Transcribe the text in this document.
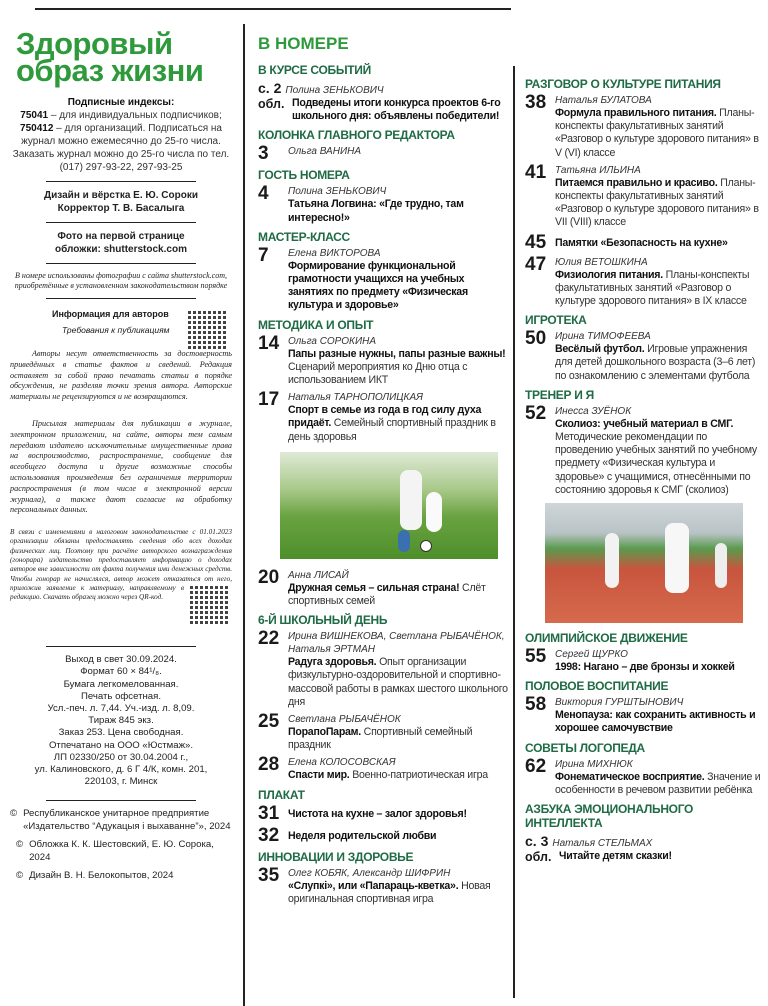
Здоровый
образ жизни
Подписные индексы:
75041 – для индивидуальных подписчиков; 750412 – для организаций. Подписаться на журнал можно ежемесячно до 25-го числа. Заказать журнал можно до 25-го числа по тел. (017) 297-93-22, 297-93-25
Дизайн и вёрстка Е. Ю. Сороки
Корректор Т. В. Басалыга
Фото на первой странице
обложки: shutterstock.com
В номере использованы фотографии с сайта shutterstock.com, приобретённые в установленном законодательством порядке
Информация для авторов
Требования к публикациям
Авторы несут ответственность за достоверность приведённых в статье фактов и сведений. Редакция оставляет за собой право печатать статьи в порядке обсуждения, не разделяя точки зрения автора. Авторские материалы не рецензируются и не возвращаются.
Присылая материалы для публикации в журнале, электронном приложении, на сайте, авторы тем самым передают издателю исключительные имущественные права на воспроизводство, распространение, сообщение для всеобщего доступа и другие возможные способы использования произведения без ограничения территории распространения (в том числе в электронной версии журнала), а также дают согласие на обработку персональных данных.
В связи с изменениями в налоговом законодательстве с 01.01.2023 организации обязаны предоставлять сведения обо всех доходах физических лиц. Поэтому при расчёте авторского вознаграждения (гонорара) издательство предоставляет информацию о доходах авторов вне зависимости от факта получения ими денежных средств. Чтобы гонорар не начислялся, автор может отказаться от него, приложив заявление к материалу, направляемому в редакцию. Скачать образец можно через QR-код.
Выход в свет 30.09.2024.
Формат 60 × 84¹/₈.
Бумага легкомелованная.
Печать офсетная.
Усл.-печ. л. 7,44. Уч.-изд. л. 8,09.
Тираж 845 экз.
Заказ 253. Цена свободная.
Отпечатано на ООО «Юстмаж».
ЛП 02330/250 от 30.04.2004 г.,
ул. Калиновского, д. 6 Г 4/К, комн. 201,
220103, г. Минск
© Республиканское унитарное предприятие «Издательство “Адукацыя і выхаванне”», 2024
© Обложка К. К. Шестовский, Е. Ю. Сорока, 2024
© Дизайн В. Н. Белокопытов, 2024
В НОМЕРЕ
В КУРСЕ СОБЫТИЙ
с. 2 Полина ЗЕНЬКОВИЧ
обл. Подведены итоги конкурса проектов 6-го школьного дня: объявлены победители!
КОЛОНКА ГЛАВНОГО РЕДАКТОРА
3	Ольга ВАНИНА
ГОСТЬ НОМЕРА
4	Полина ЗЕНЬКОВИЧ
Татьяна Логвина: «Где трудно, там интересно!»
МАСТЕР-КЛАСС
7	Елена ВИКТОРОВА
Формирование функциональной грамотности учащихся на учебных занятиях по предмету «Физическая культура и здоровье»
МЕТОДИКА И ОПЫТ
14 Ольга СОРОКИНА
Папы разные нужны, папы разные важны! Сценарий мероприятия ко Дню отца с использованием ИКТ
17 Наталья ТАРНОПОЛИЦКАЯ
Спорт в семье из года в год силу духа придаёт. Семейный спортивный праздник в день здоровья
20 Анна ЛИСАЙ
Дружная семья – сильная страна! Слёт спортивных семей
6-Й ШКОЛЬНЫЙ ДЕНЬ
22 Ирина ВИШНЕКОВА, Светлана РЫБАЧЁНОК, Наталья ЭРТМАН
Радуга здоровья. Опыт организации физкультурно-оздоровительной и спортивно-массовой работы в рамках шестого школьного дня
25 Светлана РЫБАЧЁНОК
ПорапоПарам. Спортивный семейный праздник
28 Елена КОЛОСОВСКАЯ
Спасти мир. Военно-патриотическая игра
ПЛАКАТ
31 Чистота на кухне – залог здоровья!
32 Неделя родительской любви
ИННОВАЦИИ И ЗДОРОВЬЕ
35 Олег КОБЯК, Александр ШИФРИН
«Слупкі», или «Папараць-кветка». Новая оригинальная спортивная игра
РАЗГОВОР О КУЛЬТУРЕ ПИТАНИЯ
38 Наталья БУЛАТОВА
Формула правильного питания. Планы-конспекты факультативных занятий «Разговор о культуре здорового питания» в V (VI) классе
41 Татьяна ИЛЬИНА
Питаемся правильно и красиво. Планы-конспекты факультативных занятий «Разговор о культуре здорового питания» в VII (VIII) классе
45 Памятки «Безопасность на кухне»
47 Юлия ВЕТОШКИНА
Физиология питания. Планы-конспекты факультативных занятий «Разговор о культуре здорового питания» в IX классе
ИГРОТЕКА
50 Ирина ТИМОФЕЕВА
Весёлый футбол. Игровые упражнения для детей дошкольного возраста (3–6 лет) по ознакомлению с элементами футбола
ТРЕНЕР И Я
52 Инесса ЗУЁНОК
Сколиоз: учебный материал в СМГ. Методические рекомендации по проведению учебных занятий по учебному предмету «Физическая культура и здоровье» с учащимися, отнесёнными по состоянию здоровья к СМГ (сколиоз)
ОЛИМПИЙСКОЕ ДВИЖЕНИЕ
55 Сергей ЩУРКО
1998: Нагано – две бронзы и хоккей
ПОЛОВОЕ ВОСПИТАНИЕ
58 Виктория ГУРШТЫНОВИЧ
Менопауза: как сохранить активность и хорошее самочувствие
СОВЕТЫ ЛОГОПЕДА
62 Ирина МИХНЮК
Фонематическое восприятие. Значение и особенности в речевом развитии ребёнка
АЗБУКА ЭМОЦИОНАЛЬНОГО ИНТЕЛЛЕКТА
с. 3 Наталья СТЕЛЬМАХ
обл. Читайте детям сказки!
